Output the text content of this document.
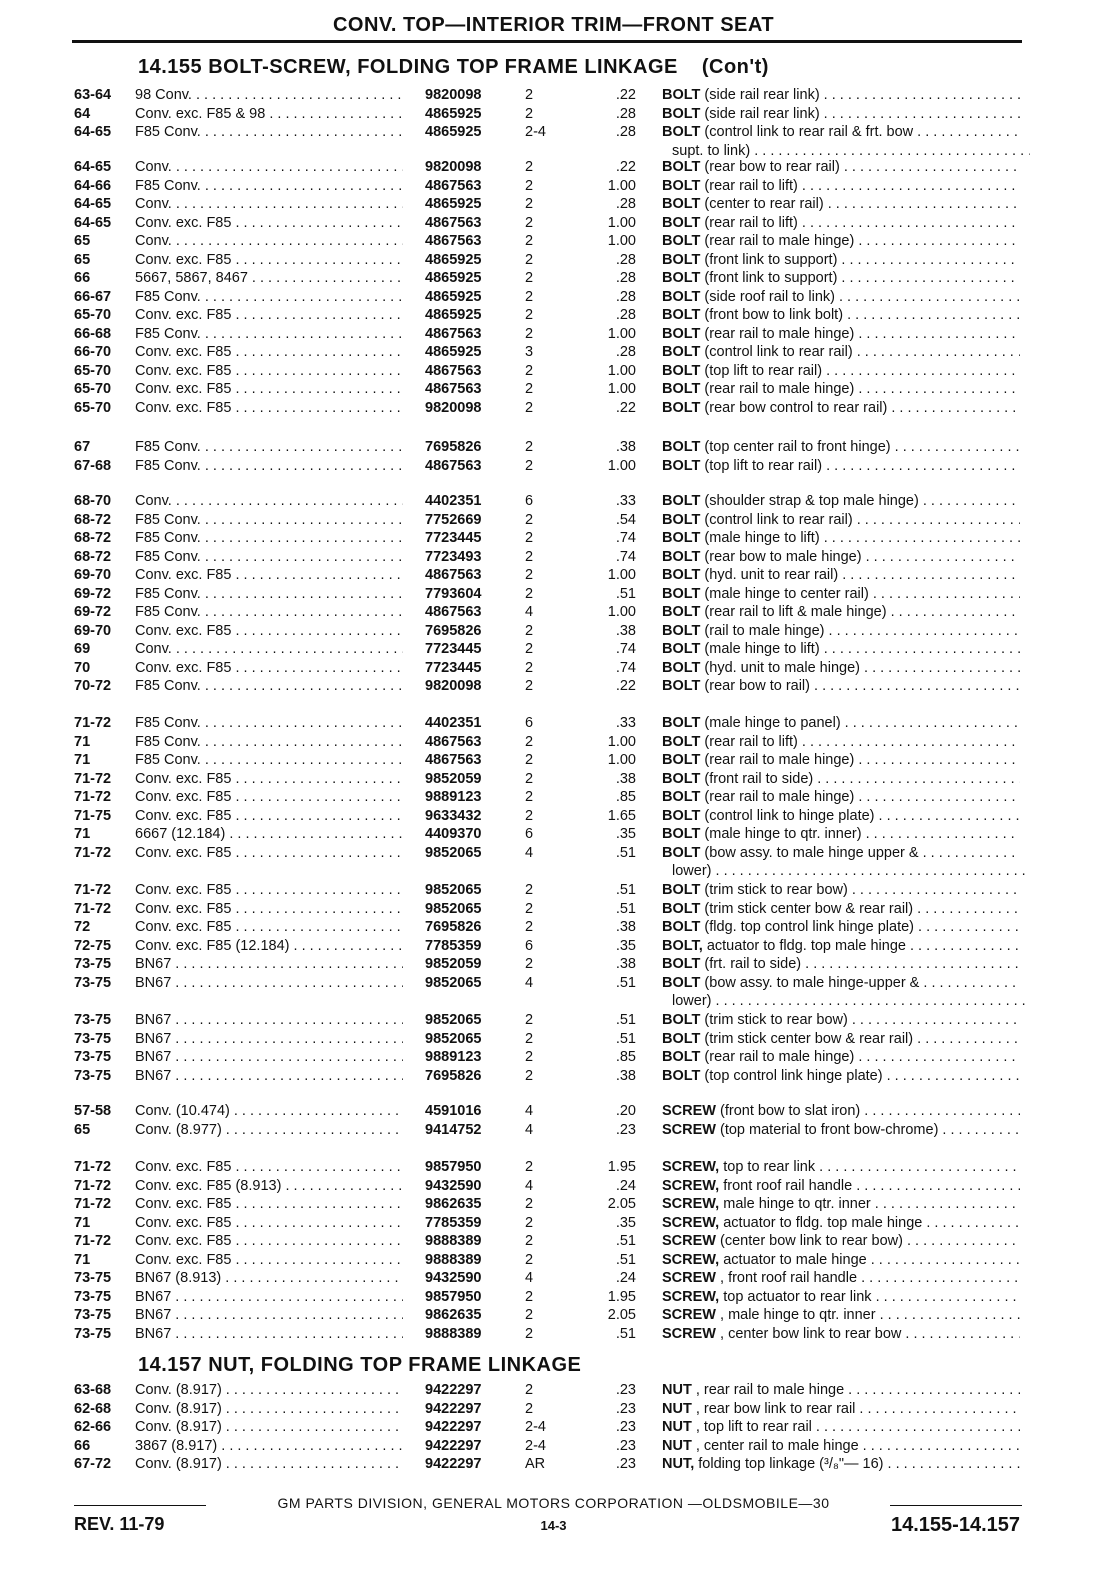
CONV. TOP—INTERIOR TRIM—FRONT SEAT
14.155 BOLT-SCREW, FOLDING TOP FRAME LINKAGE (Con't)
14.157 NUT, FOLDING TOP FRAME LINKAGE
63-64 98 Conv. . . .	9820098	2	.22 BOLT (side rail rear link) . . .
64	Conv. exc. F85 & 98 . . .	4865925	2	.28 BOLT (side rail rear link) . . .
64-65 F85 Conv. . . .	4865925	2-4	.28 BOLT (control link to rear rail & frt. bow . . .
supt. to link) . . .
64-65 Conv. . . .	9820098	2	.22 BOLT (rear bow to rear rail) . . .
64-66 F85 Conv. . . .	4867563	2	1.00 BOLT (rear rail to lift) . . .
64-65 Conv. . . .	4865925	2	.28 BOLT (center to rear rail) . . .
64-65 Conv. exc. F85 . . .	4867563	2	1.00 BOLT (rear rail to lift) . . .
65	Conv. . . .	4867563	2	1.00 BOLT (rear rail to male hinge) . . .
65	Conv. exc. F85 . . .	4865925	2	.28 BOLT (front link to support) . . .
66	5667, 5867, 8467 . . .	4865925	2	.28 BOLT (front link to support) . . .
66-67 F85 Conv. . . .	4865925	2	.28 BOLT (side roof rail to link) . . .
65-70 Conv. exc. F85 . . .	4865925	2	.28 BOLT (front bow to link bolt) . . .
66-68 F85 Conv. . . .	4867563	2	1.00 BOLT (rear rail to male hinge) . . .
66-70 Conv. exc. F85 . . .	4865925	3	.28 BOLT (control link to rear rail) . . .
65-70 Conv. exc. F85 . . .	4867563	2	1.00 BOLT (top lift to rear rail) . . .
65-70 Conv. exc. F85 . . .	4867563	2	1.00 BOLT (rear rail to male hinge) . . .
65-70 Conv. exc. F85 . . .	9820098	2	.22 BOLT (rear bow control to rear rail) . . .
67	F85 Conv. . . .	7695826	2	.38 BOLT (top center rail to front hinge) . . .
67-68 F85 Conv. . . .	4867563	2	1.00 BOLT (top lift to rear rail) . . .
68-70 Conv. . . .	4402351	6	.33 BOLT (shoulder strap & top male hinge) . . .
68-72 F85 Conv. . . .	7752669	2	.54 BOLT (control link to rear rail) . . .
68-72 F85 Conv. . . .	7723445	2	.74 BOLT (male hinge to lift) . . .
68-72 F85 Conv. . . .	7723493	2	.74 BOLT (rear bow to male hinge) . . .
69-70 Conv. exc. F85 . . .	4867563	2	1.00 BOLT (hyd. unit to rear rail) . . .
69-72 F85 Conv. . . .	7793604	2	.51 BOLT (male hinge to center rail) . . .
69-72 F85 Conv. . . .	4867563	4	1.00 BOLT (rear rail to lift & male hinge) . . .
69-70 Conv. exc. F85 . . .	7695826	2	.38 BOLT (rail to male hinge) . . .
69	Conv. . . .	7723445	2	.74 BOLT (male hinge to lift) . . .
70	Conv. exc. F85 . . .	7723445	2	.74 BOLT (hyd. unit to male hinge) . . .
70-72 F85 Conv. . . .	9820098	2	.22 BOLT (rear bow to rail) . . .
71-72 F85 Conv. . . .	4402351	6	.33 BOLT (male hinge to panel) . . .
71	F85 Conv. . . .	4867563	2	1.00 BOLT (rear rail to lift) . . .
71	F85 Conv. . . .	4867563	2	1.00 BOLT (rear rail to male hinge) . . .
71-72 Conv. exc. F85 . . .	9852059	2	.38 BOLT (front rail to side) . . .
71-72 Conv. exc. F85 . . .	9889123	2	.85 BOLT (rear rail to male hinge) . . .
71-75 Conv. exc. F85 . . .	9633432	2	1.65 BOLT (control link to hinge plate) . . .
71	6667 (12.184) . . .	4409370	6	.35 BOLT (male hinge to qtr. inner) . . .
71-72 Conv. exc. F85 . . .	9852065	4	.51 BOLT (bow assy. to male hinge upper & . . .
lower) . . .
71-72 Conv. exc. F85 . . .	9852065	2	.51 BOLT (trim stick to rear bow) . . .
71-72 Conv. exc. F85 . . .	9852065	2	.51 BOLT (trim stick center bow & rear rail) . . .
72	Conv. exc. F85 . . .	7695826	2	.38 BOLT (fldg. top control link hinge plate) . . .
72-75 Conv. exc. F85 (12.184) . . .	7785359	6	.35 BOLT, actuator to fldg. top male hinge . . .
73-75 BN67 . . .	9852059	2	.38 BOLT (frt. rail to side) . . .
73-75 BN67 . . .	9852065	4	.51 BOLT (bow assy. to male hinge-upper & . . .
lower) . . .
73-75 BN67 . . .	9852065	2	.51 BOLT (trim stick to rear bow) . . .
73-75 BN67 . . .	9852065	2	.51 BOLT (trim stick center bow & rear rail) . . .
73-75 BN67 . . .	9889123	2	.85 BOLT (rear rail to male hinge) . . .
73-75 BN67 . . .	7695826	2	.38 BOLT (top control link hinge plate) . . .
57-58 Conv. (10.474) . . .	4591016	4	.20 SCREW (front bow to slat iron) . . .
65	Conv. (8.977) . . .	9414752	4	.23 SCREW (top material to front bow-chrome) . . .
71-72 Conv. exc. F85 . . .	9857950	2	1.95 SCREW, top to rear link . . .
71-72 Conv. exc. F85 (8.913) . . .	9432590	4	.24 SCREW, front roof rail handle . . .
71-72 Conv. exc. F85 . . .	9862635	2	2.05 SCREW, male hinge to qtr. inner . . .
71	Conv. exc. F85 . . .	7785359	2	.35 SCREW, actuator to fldg. top male hinge . . .
71-72 Conv. exc. F85 . . .	9888389	2	.51 SCREW (center bow link to rear bow) . . .
71	Conv. exc. F85 . . .	9888389	2	.51 SCREW, actuator to male hinge . . .
73-75 BN67 (8.913) . . .	9432590	4	.24 SCREW , front roof rail handle . . .
73-75 BN67 . . .	9857950	2	1.95 SCREW, top actuator to rear link . . .
73-75 BN67 . . .	9862635	2	2.05 SCREW , male hinge to qtr. inner . . .
73-75 BN67 . . .	9888389	2	.51 SCREW , center bow link to rear bow . . .
63-68 Conv. (8.917) . . .	9422297	2	.23 NUT , rear rail to male hinge . . .
62-68 Conv. (8.917) . . .	9422297	2	.23 NUT , rear bow link to rear rail . . .
62-66 Conv. (8.917) . . .	9422297	2-4	.23 NUT , top lift to rear rail . . .
66	3867 (8.917) . . .	9422297	2-4	.23 NUT , center rail to male hinge . . .
67-72 Conv. (8.917) . . .	9422297	AR	.23 NUT, folding top linkage (³/₈"— 16) . . .
GM PARTS DIVISION, GENERAL MOTORS CORPORATION —OLDSMOBILE—30
REV. 11-79	14-3	14.155-14.157
